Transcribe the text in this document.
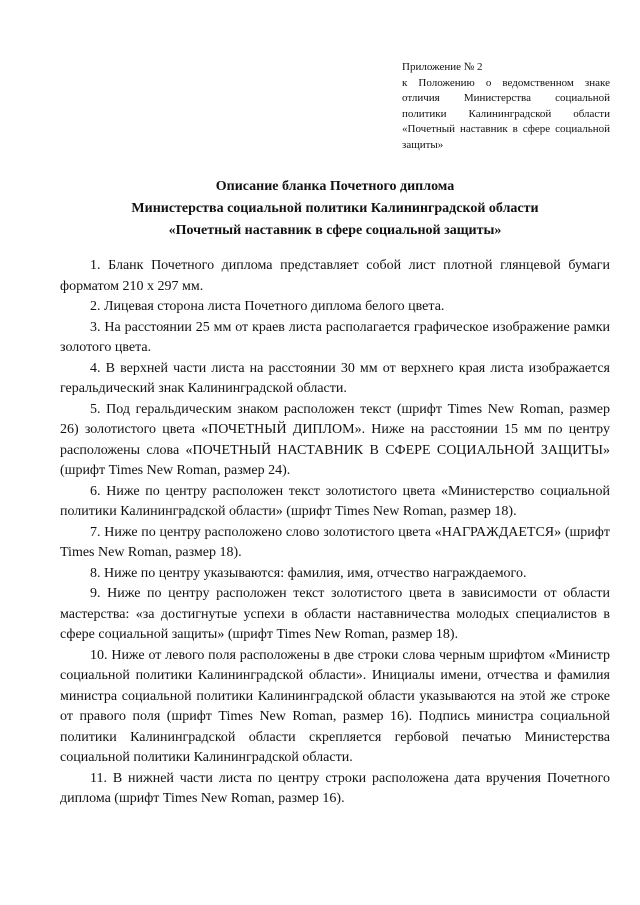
Приложение № 2
к Положению о ведомственном знаке отличия Министерства социальной политики Калининградской области «Почетный наставник в сфере социальной защиты»
Описание бланка Почетного диплома
Министерства социальной политики Калининградской области
«Почетный наставник в сфере социальной защиты»

1. Бланк Почетного диплома представляет собой лист плотной глянцевой бумаги форматом 210 х 297 мм.

2. Лицевая сторона листа Почетного диплома белого цвета.

3. На расстоянии 25 мм от краев листа располагается графическое изображение рамки золотого цвета.

4. В верхней части листа на расстоянии 30 мм от верхнего края листа изображается геральдический знак Калининградской области.

5. Под геральдическим знаком расположен текст (шрифт Times New Roman, размер 26) золотистого цвета «ПОЧЕТНЫЙ ДИПЛОМ». Ниже на расстоянии 15 мм по центру расположены слова «ПОЧЕТНЫЙ НАСТАВНИК В СФЕРЕ СОЦИАЛЬНОЙ ЗАЩИТЫ» (шрифт Times New Roman, размер 24).

6. Ниже по центру расположен текст золотистого цвета «Министерство социальной политики Калининградской области» (шрифт Times New Roman, размер 18).

7. Ниже по центру расположено слово золотистого цвета «НАГРАЖДАЕТСЯ» (шрифт Times New Roman, размер 18).

8. Ниже по центру указываются: фамилия, имя, отчество награждаемого.

9. Ниже по центру расположен текст золотистого цвета в зависимости от области мастерства: «за достигнутые успехи в области наставничества молодых специалистов в сфере социальной защиты» (шрифт Times New Roman, размер 18).

10. Ниже от левого поля расположены в две строки слова черным шрифтом «Министр социальной политики Калининградской области». Инициалы имени, отчества и фамилия министра социальной политики Калининградской области указываются на этой же строке от правого поля (шрифт Times New Roman, размер 16). Подпись министра социальной политики Калининградской области скрепляется гербовой печатью Министерства социальной политики Калининградской области.

11. В нижней части листа по центру строки расположена дата вручения Почетного диплома (шрифт Times New Roman, размер 16).
